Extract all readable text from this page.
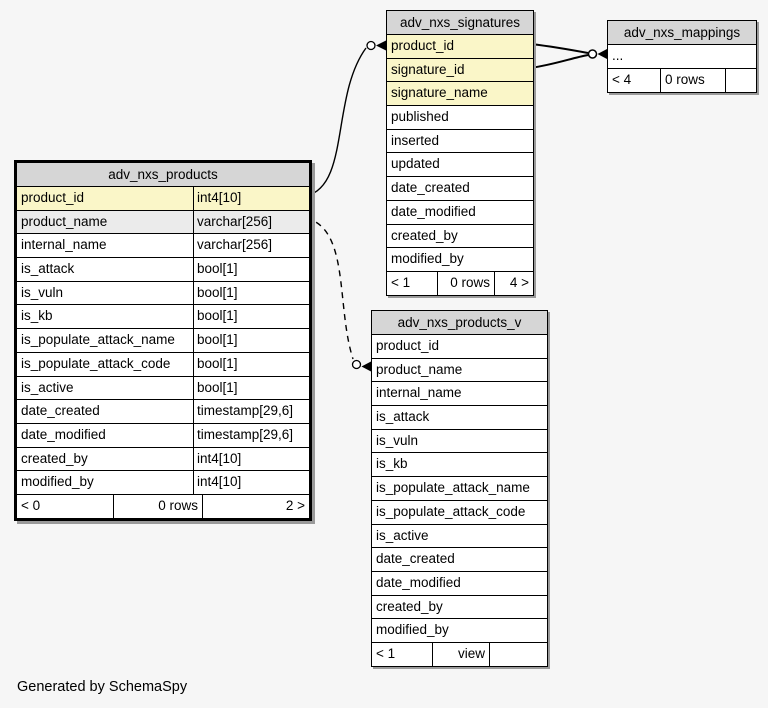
adv_nxs_products
product_id	int4[10]
product_name	varchar[256]
internal_name	varchar[256]
is_attack	bool[1]
is_vuln	bool[1]
is_kb	bool[1]
is_populate_attack_name	bool[1]
is_populate_attack_code	bool[1]
is_active	bool[1]
date_created	timestamp[29,6]
date_modified	timestamp[29,6]
created_by	int4[10]
modified_by	int4[10]
< 0	0 rows	2 >
adv_nxs_signatures
product_id
signature_id
signature_name
published
inserted
updated
date_created
date_modified
created_by
modified_by
< 1	0 rows	4 >
adv_nxs_mappings
...
< 4	0 rows
adv_nxs_products_v
product_id
product_name
internal_name
is_attack
is_vuln
is_kb
is_populate_attack_name
is_populate_attack_code
is_active
date_created
date_modified
created_by
modified_by
< 1	view
Generated by SchemaSpy
